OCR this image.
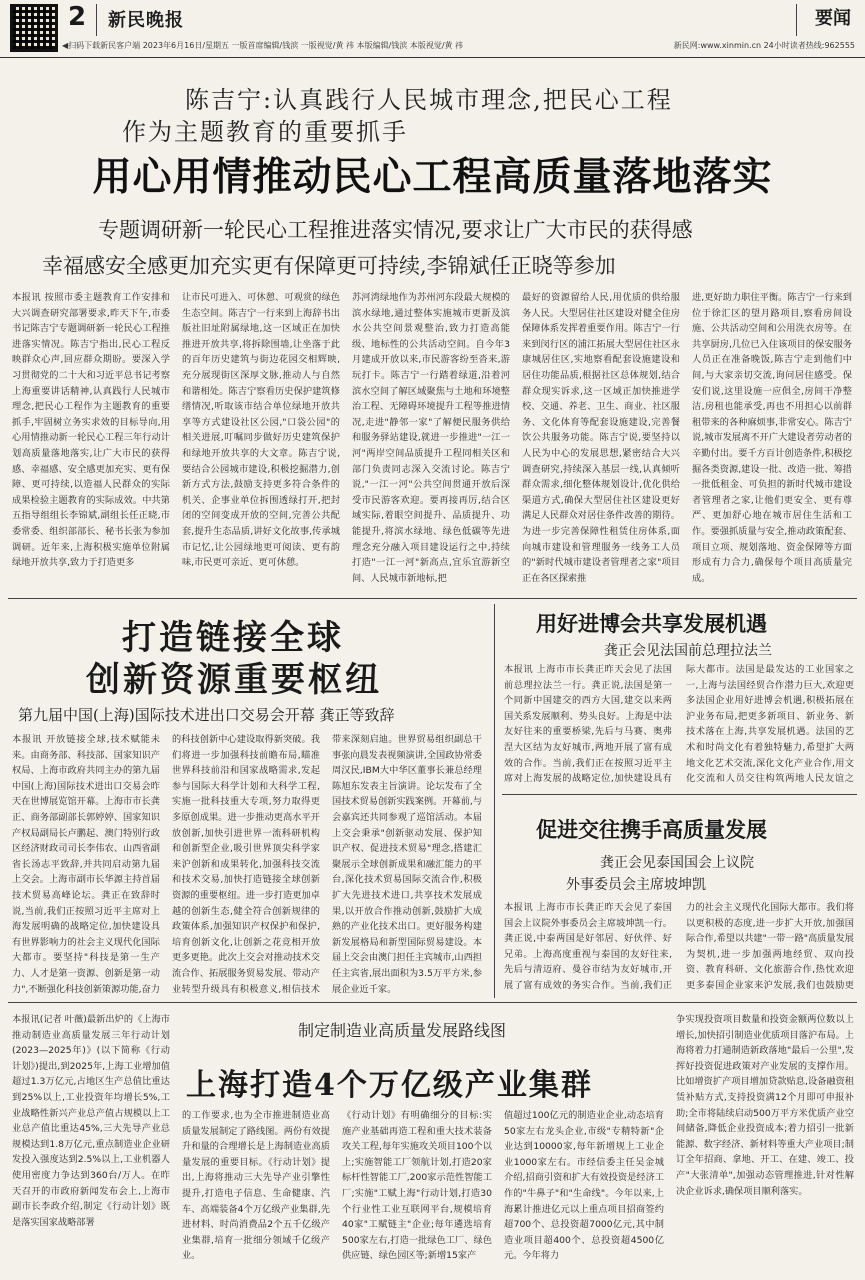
2 新民晚报	要闻
◀扫码下载新民客户端 2023年6月16日/星期五 一版首席编辑/钱滨 一版视觉/黄 祎 本版编辑/钱滨 本版视觉/黄 祎	新民网:www.xinmin.cn 24小时读者热线:962555
陈吉宁:认真践行人民城市理念,把民心工程
作为主题教育的重要抓手
用心用情推动民心工程高质量落地落实
专题调研新一轮民心工程推进落实情况,要求让广大市民的获得感
幸福感安全感更加充实更有保障更可持续,李锦斌任正晓等参加
本报讯 按照市委主题教育工作安排和大兴调查研究部署要求,昨天下午,市委书记陈吉宁专题调研新一轮民心工程推进落实情况。陈吉宁指出,民心工程反映群众心声,回应群众期盼。要深入学习贯彻党的二十大和习近平总书记考察上海重要讲话精神,认真践行人民城市理念,把民心工程作为主题教育的重要抓手,牢固树立务实求效的目标导向,用心用情推动新一轮民心工程三年行动计划高质量落地落实,让广大市民的获得感、幸福感、安全感更加充实、更有保障、更可持续,以造福人民群众的实际成果检验主题教育的实际成效。中共第五指导组组长李锦斌,副组长任正晓,市委常委、组织部部长、秘书长张为参加调研。近年来,上海积极实施单位附属绿地开放共享,致力于打造更多
让市民可进入、可休憩、可观赏的绿色生态空间。陈吉宁一行来到上海辞书出版社旧址附属绿地,这一区域正在加快推进开放共享,将拆除围墙,让坐落于此的百年历史建筑与街边花园交相辉映,充分展现街区深厚文脉,推动人与自然和谐相处。陈吉宁察看历史保护建筑修缮情况,听取该市结合单位绿地开放共享等方式建设社区公园,"口袋公园"的相关进展,叮嘱同步做好历史建筑保护和绿地开放共享的大文章。陈吉宁说,要结合公园城市建设,积极挖掘潜力,创新方式方法,鼓励支持更多符合条件的机关、企事业单位拆围透绿打开,把封闭的空间变成开放的空间,完善公共配套,提升生态品质,讲好文化故事,传承城市记忆,让公园绿地更可阅读、更有韵味,市民更可亲近、更可休憩。
苏河湾绿地作为苏州河东段最大规模的滨水绿地,通过整体实施城市更新及滨水公共空间景观整治,致力打造高能级、地标性的公共活动空间。自今年3月建成开放以来,市民游客纷至沓来,游玩打卡。陈吉宁一行踏着绿道,沿着河滨水空间了解区域聚焦与土地和环境整治工程、无障碍环境提升工程等推进情况,走进"静邻一家"了解便民服务供给和服务驿站建设,就进一步推进"一江一河"两岸空间品质提升工程同相关区和部门负责同志深入交流讨论。陈吉宁说,"一江一河"公共空间贯通开放后深受市民游客欢迎。要再接再厉,结合区域实际,着眼空间提升、品质提升、功能提升,将滨水绿地、绿色低碳等先进理念充分融入项目建设运行之中,持续打造"一江一河"新高点,宜乐宜游新空间、人民城市新地标,把
最好的资源留给人民,用优质的供给服务人民。大型居住社区建设对健全住房保障体系发挥着重要作用。陈吉宁一行来到闵行区的浦江拓展大型居住社区永康城居住区,实地察看配套设施建设和居住功能品质,根据社区总体规划,结合群众现实诉求,这一区域正加快推进学校、交通、养老、卫生、商业、社区服务、文化体育等配套设施建设,完善餐饮公共服务功能。陈吉宁说,要坚持以人民为中心的发展思想,紧密结合大兴调查研究,持续深入基层一线,认真倾听群众需求,细化整体规划设计,优化供给渠道方式,确保大型居住社区建设更好满足人民群众对居住条件改善的期待。为进一步完善保障性租赁住房体系,面向城市建设和管理服务一线务工人员的"新时代城市建设者管理者之家"项目正在各区探索推
进,更好助力职住平衡。陈吉宁一行来到位于徐汇区的望月路项目,察看房间设施、公共活动空间和公用洗衣房等。在共享厨房,几位已入住该项目的保安服务人员正在准备晚饭,陈吉宁走到他们中间,与大家亲切交流,询问居住感受。保安们说,这里设施一应俱全,房间干净整洁,房租也能承受,再也不用担心以前群租带来的各种麻烦事,非常安心。陈吉宁说,城市发展离不开广大建设者劳动者的辛勤付出。要千方百计创造条件,积极挖掘各类资源,建设一批、改造一批、筹措一批低租金、可负担的新时代城市建设者管理者之家,让他们更安全、更有尊严、更加舒心地在城市居住生活和工作。要强抓质量与安全,推动政策配套、项目立项、规划落地、资金保障等方面形成有力合力,确保每个项目高质量完成。
打造链接全球
创新资源重要枢纽
第九届中国(上海)国际技术进出口交易会开幕 龚正等致辞
本报讯 开放链接全球,技术赋能未来。由商务部、科技部、国家知识产权局、上海市政府共同主办的第九届中国(上海)国际技术进出口交易会昨天在世博展览馆开幕。上海市市长龚正、商务部副部长郭婷婷、国家知识产权局副局长卢鹏起、澳门特别行政区经济财政司司长李伟农、山西省副省长汤志平致辞,并共同启动第九届上交会。上海市副市长华源主持首届技术贸易高峰论坛。龚正在致辞时说,当前,我们正按照习近平主席对上海发展明确的战略定位,加快建设具有世界影响力的社会主义现代化国际大都市。要坚持"科技是第一生产力、人才是第一资源、创新是第一动力",不断强化科技创新策源功能,奋力
的科技创新中心建设取得新突破。我们将进一步加强科技前瞻布局,瞄准世界科技前沿和国家战略需求,发起参与国际大科学计划和大科学工程,实施一批科技重大专项,努力取得更多原创成果。进一步推动更高水平开放创新,加快引进世界一流科研机构和创新型企业,吸引世界顶尖科学家来沪创新和成果转化,加强科技交流和技术交易,加快打造链接全球创新资源的重要枢纽。进一步打造更加卓越的创新生态,健全符合创新规律的政策体系,加强知识产权保护和保护,培育创新文化,让创新之花竞相开放更多更艳。此次上交会对推动技术交流合作、拓展服务贸易发展、带动产业转型升级具有积极意义,相信技术
带来深刻启迪。世界贸易组织副总干事张向晨发表视频演讲,全国政协常委周汉民,IBM大中华区董事长兼总经理陈旭东发表主旨演讲。论坛发布了全国技术贸易创新实践案例。开幕前,与会嘉宾还共同参观了巡馆活动。本届上交会秉承"创新驱动发展、保护知识产权、促进技术贸易"理念,搭建汇聚展示全球创新成果和融汇能力的平台,深化技术贸易国际交流合作,积极扩大先进技术进口,共享技术发展成果,以开放合作推动创新,鼓励扩大成熟的产业化技术出口。更好服务构建新发展格局和新型国际贸易建设。本届上交会由澳门担任主宾城市,山西担任主宾省,展出面积为3.5万平方米,参展企业近千家。
用好进博会共享发展机遇
龚正会见法国前总理拉法兰
本报讯 上海市市长龚正昨天会见了法国前总理拉法兰一行。龚正说,法国是第一个同新中国建交的西方大国,建交以来两国关系发展顺利、势头良好。上海是中法友好往来的重要桥梁,先后与马赛、奥弗涅大区结为友好城市,两地开展了富有成效的合作。当前,我们正在按照习近平主席对上海发展的战略定位,加快建设具有
际大都市。法国是最发达的工业国家之一,上海与法国经贸合作潜力巨大,欢迎更多法国企业用好进博会机遇,积极拓展在沪业务布局,把更多新项目、新业务、新技术落在上海,共享发展机遇。法国的艺术和时尚文化有着独特魅力,希望扩大两地文化艺术交流,深化文化产业合作,用文化交流和人员交往构筑两地人民友谊之
促进交往携手高质量发展
龚正会见泰国国会上议院
外事委员会主席坡坤凯
本报讯 上海市市长龚正昨天会见了泰国国会上议院外事委员会主席坡坤凯一行。龚正说,中泰两国是好邻居、好伙伴、好兄弟。上海高度重视与泰国的友好往来,先后与清迈府、曼谷市结为友好城市,开展了富有成效的务实合作。当前,我们正
力的社会主义现代化国际大都市。我们将以更积极的态度,进一步扩大开放,加强国际合作,希望以共建"一带一路"高质量发展为契机,进一步加强两地经贸、双向投资、教育科研、文化旅游合作,热忱欢迎更多泰国企业家来沪发展,我们也鼓励更
制定制造业高质量发展路线图
上海打造4个万亿级产业集群
本报讯(记者 叶薇)最新出炉的《上海市推动制造业高质量发展三年行动计划(2023—2025年)》(以下简称《行动计划》)提出,到2025年,上海工业增加值超过1.3万亿元,占地区生产总值比重达到25%以上,工业投资年均增长5%,工业战略性新兴产业总产值占规模以上工业总产值比重达45%,三大先导产业总规模达到1.8万亿元,重点制造业企业研发投入强度达到2.5%以上,工业机器人使用密度力争达到360台/万人。在昨天召开的市政府新闻发布会上,上海市副市长李政介绍,制定《行动计划》既是落实国家战略部署
的工作要求,也为全市推进制造业高质量发展制定了路线图。两份有效提升和量的合理增长是上海制造业高质量发展的重要目标。《行动计划》提出,上海将推动三大先导产业引擎性提升,打造电子信息、生命健康、汽车、高端装备4个万亿级产业集群,先进材料、时尚消费品2个五千亿级产业集群,培育一批细分领域千亿级产业。
《行动计划》有明确细分的目标:实施产业基础再造工程和重大技术装备攻关工程,每年实施攻关项目100个以上;实施智能工厂领航计划,打造20家标杆性智能工厂,200家示范性智能工厂;实施"工赋上海"行动计划,打造30个行业性工业互联网平台,规模培育40家"工赋链主"企业;每年遴选培育500家左右,打造一批绿色工厂、绿色供应链、绿色园区等;新增15家产
值超过100亿元的制造业企业,动态培育50家左右龙头企业,市级"专精特新"企业达到10000家,每年新增规上工业企业1000家左右。市经信委主任吴金城介绍,招商引资和扩大有效投资是经济工作的"牛鼻子"和"生命线"。今年以来,上海累计推进亿元以上重点项目招商签约超700个、总投资超7000亿元,其中制造业项目超400个、总投资超4500亿元。今年将力
争实现投资项目数量和投资金额两位数以上增长,加快招引制造业优质项目落沪布局。上海将着力打通制造新政落地"最后一公里",发挥好投资促进政策对产业发展的支撑作用。比如增资扩产项目增加贷款贴息,设备融资租赁补贴方式,支持投资满12个月即可申报补助;全市将陆续启动500万平方米优质产业空间储备,降低企业投资成本;着力招引一批新能源、数字经济、新材料等重大产业项目;制订全年招商、拿地、开工、在建、竣工、投产"大张清单",加强动态管理推进,针对性解决企业诉求,确保项目顺利落实。
